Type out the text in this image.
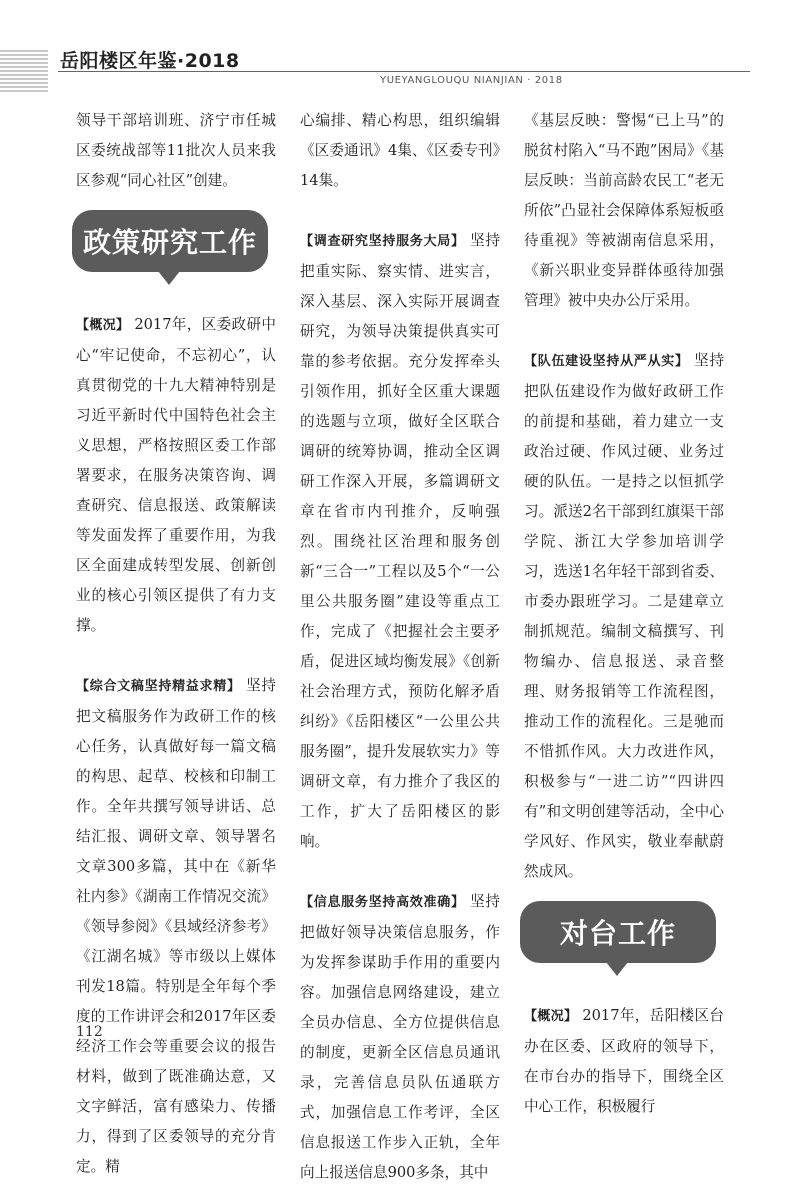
岳阳楼区年鉴·2018
YUEYANGLOUQU NIANJIAN · 2018

领导干部培训班、济宁市任城区委统战部等11批次人员来我区参观“同心社区”创建。

政策研究工作

【概况】 2017年，区委政研中心“牢记使命，不忘初心”，认真贯彻党的十九大精神特别是习近平新时代中国特色社会主义思想，严格按照区委工作部署要求，在服务决策咨询、调查研究、信息报送、政策解读等发面发挥了重要作用，为我区全面建成转型发展、创新创业的核心引领区提供了有力支撑。

【综合文稿坚持精益求精】 坚持把文稿服务作为政研工作的核心任务，认真做好每一篇文稿的构思、起草、校核和印制工作。全年共撰写领导讲话、总结汇报、调研文章、领导署名文章300多篇，其中在《新华社内参》《湖南工作情况交流》《领导参阅》《县域经济参考》《江湖名城》等市级以上媒体刊发18篇。特别是全年每个季度的工作讲评会和2017年区委经济工作会等重要会议的报告材料，做到了既准确达意，又文字鲜活，富有感染力、传播力，得到了区委领导的充分肯定。精

心编排、精心构思，组织编辑《区委通讯》4集、《区委专刊》14集。

【调查研究坚持服务大局】 坚持把重实际、察实情、进实言，深入基层、深入实际开展调查研究，为领导决策提供真实可靠的参考依据。充分发挥牵头引领作用，抓好全区重大课题的选题与立项，做好全区联合调研的统筹协调，推动全区调研工作深入开展，多篇调研文章在省市内刊推介，反响强烈。围绕社区治理和服务创新“三合一”工程以及5个“一公里公共服务圈”建设等重点工作，完成了《把握社会主要矛盾，促进区域均衡发展》《创新社会治理方式，预防化解矛盾纠纷》《岳阳楼区“一公里公共服务圈”，提升发展软实力》等调研文章，有力推介了我区的工作，扩大了岳阳楼区的影响。

【信息服务坚持高效准确】 坚持把做好领导决策信息服务，作为发挥参谋助手作用的重要内容。加强信息网络建设，建立全员办信息、全方位提供信息的制度，更新全区信息员通讯录，完善信息员队伍通联方式，加强信息工作考评，全区信息报送工作步入正轨，全年向上报送信息900多条，其中

《基层反映：警惕“已上马”的脱贫村陷入“马不跑”困局》《基层反映：当前高龄农民工“老无所依”凸显社会保障体系短板亟待重视》等被湖南信息采用，《新兴职业变异群体亟待加强管理》被中央办公厅采用。

【队伍建设坚持从严从实】 坚持把队伍建设作为做好政研工作的前提和基础，着力建立一支政治过硬、作风过硬、业务过硬的队伍。一是持之以恒抓学习。派送2名干部到红旗渠干部学院、浙江大学参加培训学习，选送1名年轻干部到省委、市委办跟班学习。二是建章立制抓规范。编制文稿撰写、刊物编办、信息报送、录音整理、财务报销等工作流程图，推动工作的流程化。三是驰而不惜抓作风。大力改进作风，积极参与“一进二访”“四讲四有”和文明创建等活动，全中心学风好、作风实，敬业奉献蔚然成风。

对台工作

【概况】 2017年，岳阳楼区台办在区委、区政府的领导下，在市台办的指导下，围绕全区中心工作，积极履行

112
